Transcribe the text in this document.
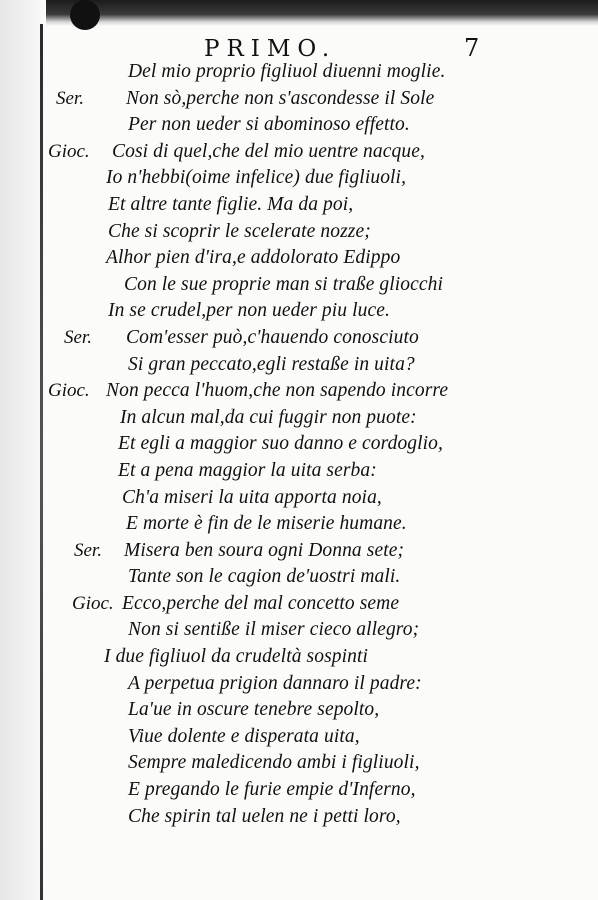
PRIMO.	7
Del mio proprio figliuol diuenni moglie.
Ser. Non sò,perche non s'ascondesse il Sole
Per non ueder si abominoso effetto.
Gioc. Cosi di quel,che del mio uentre nacque,
Io n'hebbi(oime infelice) due figliuoli,
Et altre tante figlie. Ma da poi,
Che si scoprir le scelerate nozze;
Alhor pien d'ira,e addolorato Edippo
Con le sue proprie man si traße gliocchi
In se crudel,per non ueder piu luce.
Ser. Com'esser può,c'hauendo conosciuto
Si gran peccato,egli restaße in uita?
Gioc. Non pecca l'huom,che non sapendo incorre
In alcun mal,da cui fuggir non puote:
Et egli a maggior suo danno e cordoglio,
Et a pena maggior la uita serba:
Ch'a miseri la uita apporta noia,
E morte è fin de le miserie humane.
Ser. Misera ben soura ogni Donna sete;
Tante son le cagion de'uostri mali.
Gioc. Ecco,perche del mal concetto seme
Non si sentiße il miser cieco allegro;
I due figliuol da crudeltà sospinti
A perpetua prigion dannaro il padre:
La'ue in oscure tenebre sepolto,
Viue dolente e disperata uita,
Sempre maledicendo ambi i figliuoli,
E pregando le furie empie d'Inferno,
Che spirin tal uelen ne i petti loro,
